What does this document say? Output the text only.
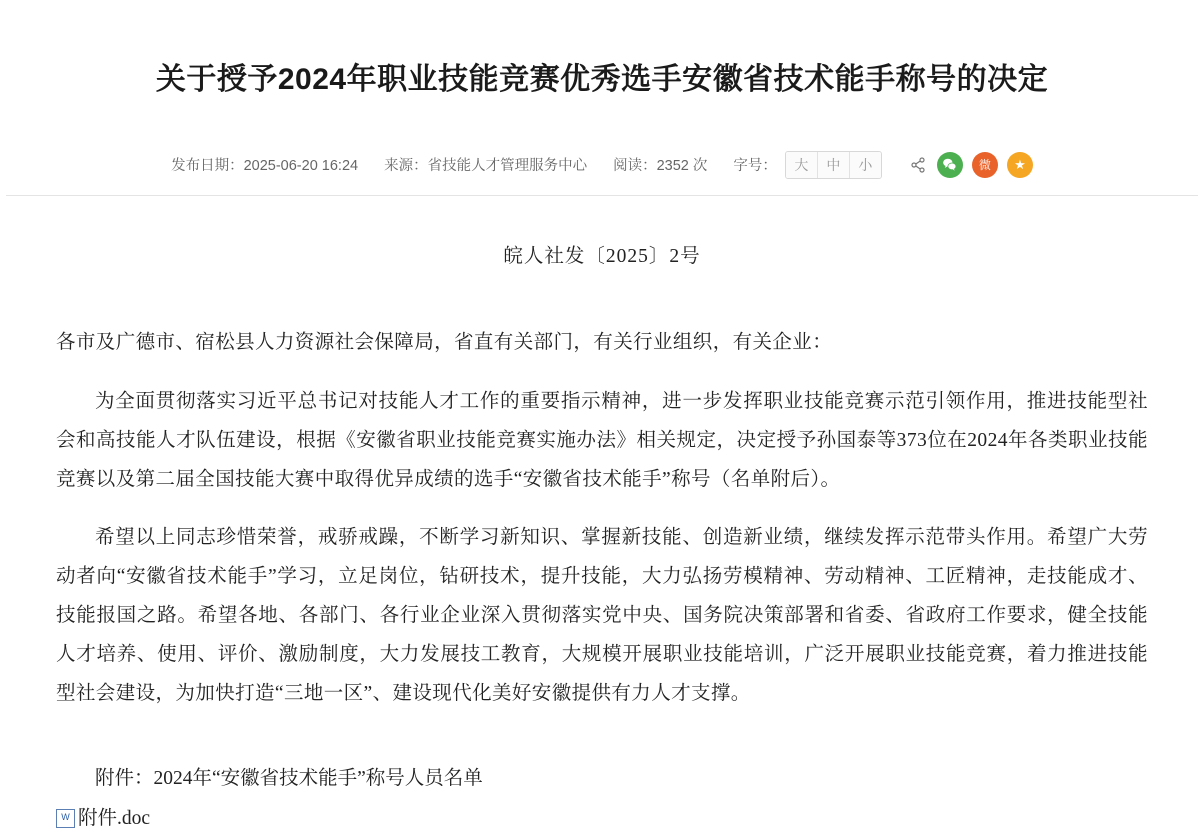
关于授予2024年职业技能竞赛优秀选手安徽省技术能手称号的决定
发布日期：2025-06-20 16:24 来源：省技能人才管理服务中心 阅读：2352 次 字号：	大	中	小	微	★
皖人社发〔2025〕2号

各市及广德市、宿松县人力资源社会保障局，省直有关部门，有关行业组织，有关企业：

为全面贯彻落实习近平总书记对技能人才工作的重要指示精神，进一步发挥职业技能竞赛示范引领作用，推进技能型社会和高技能人才队伍建设，根据《安徽省职业技能竞赛实施办法》相关规定，决定授予孙国泰等373位在2024年各类职业技能竞赛以及第二届全国技能大赛中取得优异成绩的选手“安徽省技术能手”称号（名单附后）。

希望以上同志珍惜荣誉，戒骄戒躁，不断学习新知识、掌握新技能、创造新业绩，继续发挥示范带头作用。希望广大劳动者向“安徽省技术能手”学习，立足岗位，钻研技术，提升技能，大力弘扬劳模精神、劳动精神、工匠精神，走技能成才、技能报国之路。希望各地、各部门、各行业企业深入贯彻落实党中央、国务院决策部署和省委、省政府工作要求，健全技能人才培养、使用、评价、激励制度，大力发展技工教育，大规模开展职业技能培训，广泛开展职业技能竞赛，着力推进技能型社会建设，为加快打造“三地一区”、建设现代化美好安徽提供有力人才支撑。

附件：2024年“安徽省技术能手”称号人员名单
W 附件.doc
